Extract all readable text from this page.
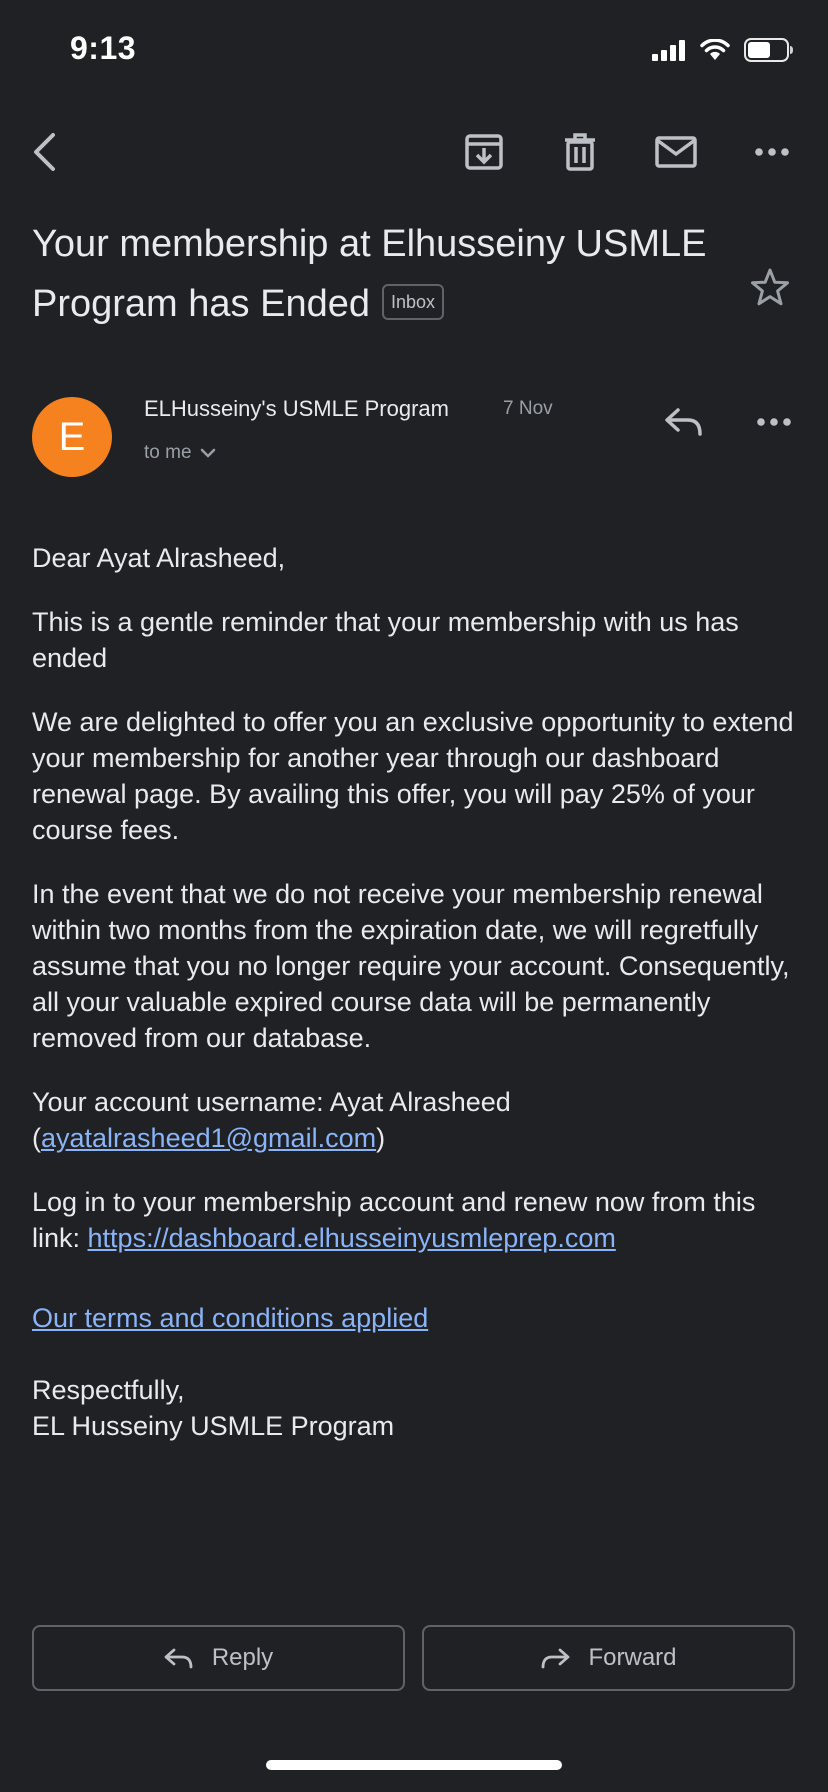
9:13
Your membership at Elhusseiny USMLE Program has Ended Inbox
E
ELHusseiny's USMLE Program	7 Nov
to me

Dear Ayat Alrasheed,

This is a gentle reminder that your membership with us has ended

We are delighted to offer you an exclusive opportunity to extend your membership for another year through our dashboard renewal page. By availing this offer, you will pay 25% of your course fees.

In the event that we do not receive your membership renewal within two months from the expiration date, we will regretfully assume that you no longer require your account. Consequently, all your valuable expired course data will be permanently removed from our database.

Your account username: Ayat Alrasheed (ayatalrasheed1@gmail.com)

Log in to your membership account and renew now from this link: https://dashboard.elhusseinyusmleprep.com

Our terms and conditions applied

Respectfully,
EL Husseiny USMLE Program

Reply	Forward
